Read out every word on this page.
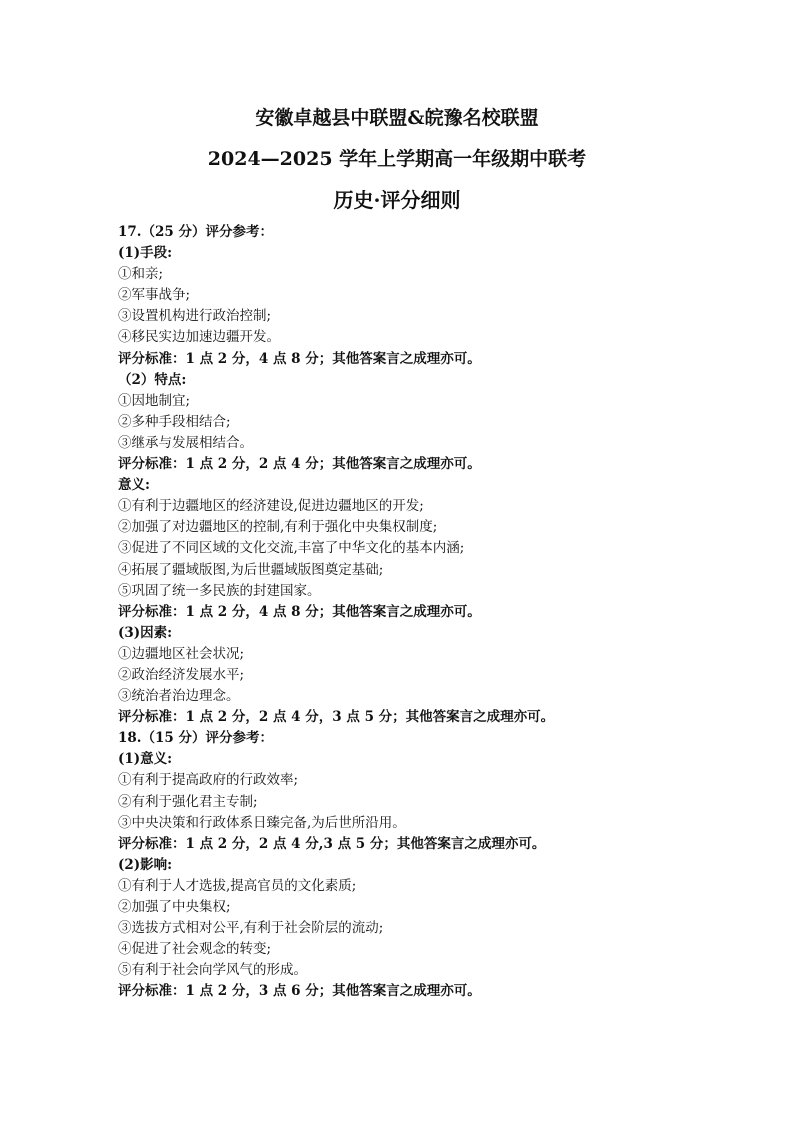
安徽卓越县中联盟&皖豫名校联盟
2024—2025 学年上学期高一年级期中联考
历史·评分细则
17.（25 分）评分参考：
(1)手段:
①和亲;
②军事战争;
③设置机构进行政治控制;
④移民实边加速边疆开发。
评分标准：1 点 2 分，4 点 8 分；其他答案言之成理亦可。
（2）特点:
①因地制宜;
②多种手段相结合;
③继承与发展相结合。
评分标准：1 点 2 分，2 点 4 分；其他答案言之成理亦可。
意义:
①有利于边疆地区的经济建设,促进边疆地区的开发;
②加强了对边疆地区的控制,有利于强化中央集权制度;
③促进了不同区域的文化交流,丰富了中华文化的基本内涵;
④拓展了疆域版图,为后世疆域版图奠定基础;
⑤巩固了统一多民族的封建国家。
评分标准：1 点 2 分，4 点 8 分；其他答案言之成理亦可。
(3)因素:
①边疆地区社会状况;
②政治经济发展水平;
③统治者治边理念。
评分标准：1 点 2 分，2 点 4 分，3 点 5 分；其他答案言之成理亦可。
18.（15 分）评分参考：
(1)意义:
①有利于提高政府的行政效率;
②有利于强化君主专制;
③中央决策和行政体系日臻完备,为后世所沿用。
评分标准：1 点 2 分，2 点 4 分,3 点 5 分；其他答案言之成理亦可。
(2)影响:
①有利于人才选拔,提高官员的文化素质;
②加强了中央集权;
③选拔方式相对公平,有利于社会阶层的流动;
④促进了社会观念的转变;
⑤有利于社会向学风气的形成。
评分标准：1 点 2 分，3 点 6 分；其他答案言之成理亦可。
